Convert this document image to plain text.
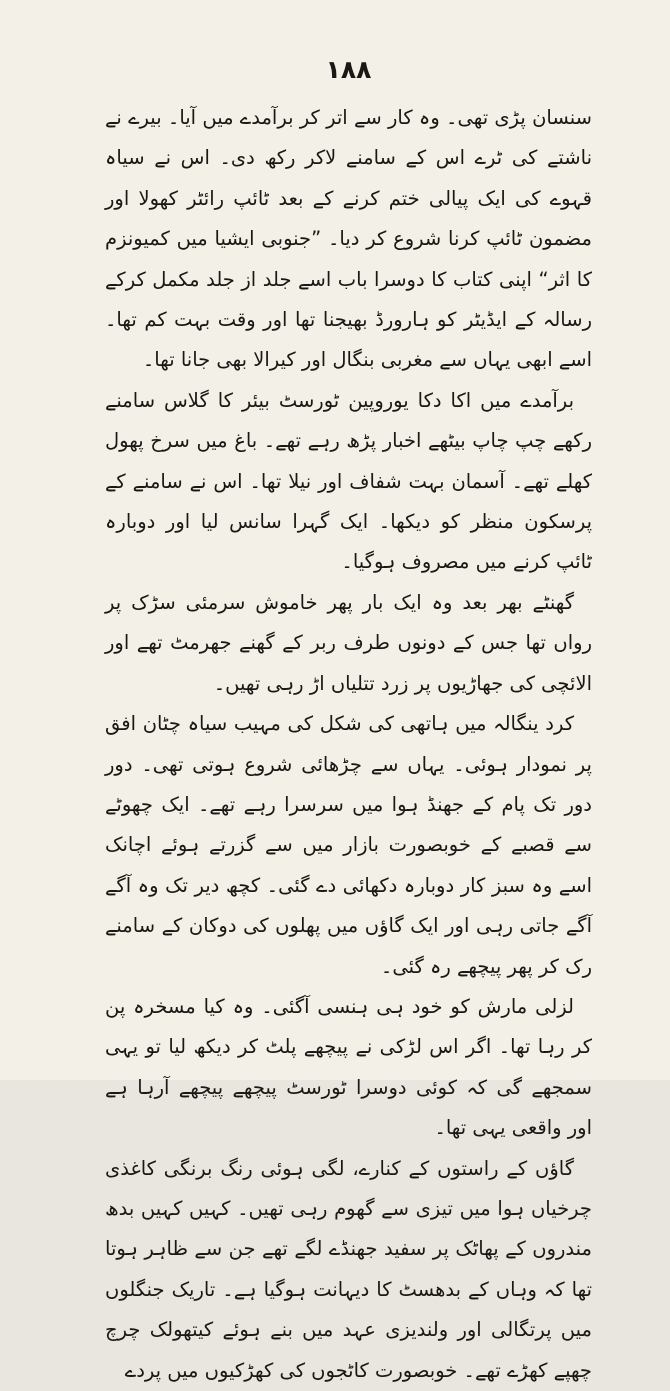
۱۸۸

سنسان پڑی تھی۔ وہ کار سے اتر کر برآمدے میں آیا۔ بیرے نے ناشتے کی ٹرے اس کے سامنے لاکر رکھ دی۔ اس نے سیاہ قہوے کی ایک پیالی ختم کرنے کے بعد ٹائپ رائٹر کھولا اور مضمون ٹائپ کرنا شروع کر دیا۔ ”جنوبی ایشیا میں کمیونزم کا اثر“ اپنی کتاب کا دوسرا باب اسے جلد از جلد مکمل کرکے رسالہ کے ایڈیٹر کو ہارورڈ بھیجنا تھا اور وقت بہت کم تھا۔ اسے ابھی یہاں سے مغربی بنگال اور کیرالا بھی جانا تھا۔

برآمدے میں اکا دکا یوروپین ٹورسٹ بیئر کا گلاس سامنے رکھے چپ چاپ بیٹھے اخبار پڑھ رہے تھے۔ باغ میں سرخ پھول کھلے تھے۔ آسمان بہت شفاف اور نیلا تھا۔ اس نے سامنے کے پرسکون منظر کو دیکھا۔ ایک گہرا سانس لیا اور دوبارہ ٹائپ کرنے میں مصروف ہوگیا۔

گھنٹے بھر بعد وہ ایک بار پھر خاموش سرمئی سڑک پر رواں تھا جس کے دونوں طرف ربر کے گھنے جھرمٹ تھے اور الائچی کی جھاڑیوں پر زرد تتلیاں اڑ رہی تھیں۔

کرد ینگالہ میں ہاتھی کی شکل کی مہیب سیاہ چٹان افق پر نمودار ہوئی۔ یہاں سے چڑھائی شروع ہوتی تھی۔ دور دور تک پام کے جھنڈ ہوا میں سرسرا رہے تھے۔ ایک چھوٹے سے قصبے کے خوبصورت بازار میں سے گزرتے ہوئے اچانک اسے وہ سبز کار دوبارہ دکھائی دے گئی۔ کچھ دیر تک وہ آگے آگے جاتی رہی اور ایک گاؤں میں پھلوں کی دوکان کے سامنے رک کر پھر پیچھے رہ گئی۔

لزلی مارش کو خود ہی ہنسی آگئی۔ وہ کیا مسخرہ پن کر رہا تھا۔ اگر اس لڑکی نے پیچھے پلٹ کر دیکھ لیا تو یہی سمجھے گی کہ کوئی دوسرا ٹورسٹ پیچھے پیچھے آرہا ہے اور واقعی یہی تھا۔

گاؤں کے راستوں کے کنارے، لگی ہوئی رنگ برنگی کاغذی چرخیاں ہوا میں تیزی سے گھوم رہی تھیں۔ کہیں کہیں بدھ مندروں کے پھاٹک پر سفید جھنڈے لگے تھے جن سے ظاہر ہوتا تھا کہ وہاں کے بدھسٹ کا دیہانت ہوگیا ہے۔ تاریک جنگلوں میں پرتگالی اور ولندیزی عہد میں بنے ہوئے کیتھولک چرچ چھپے کھڑے تھے۔ خوبصورت کاٹجوں کی کھڑکیوں میں پردے
